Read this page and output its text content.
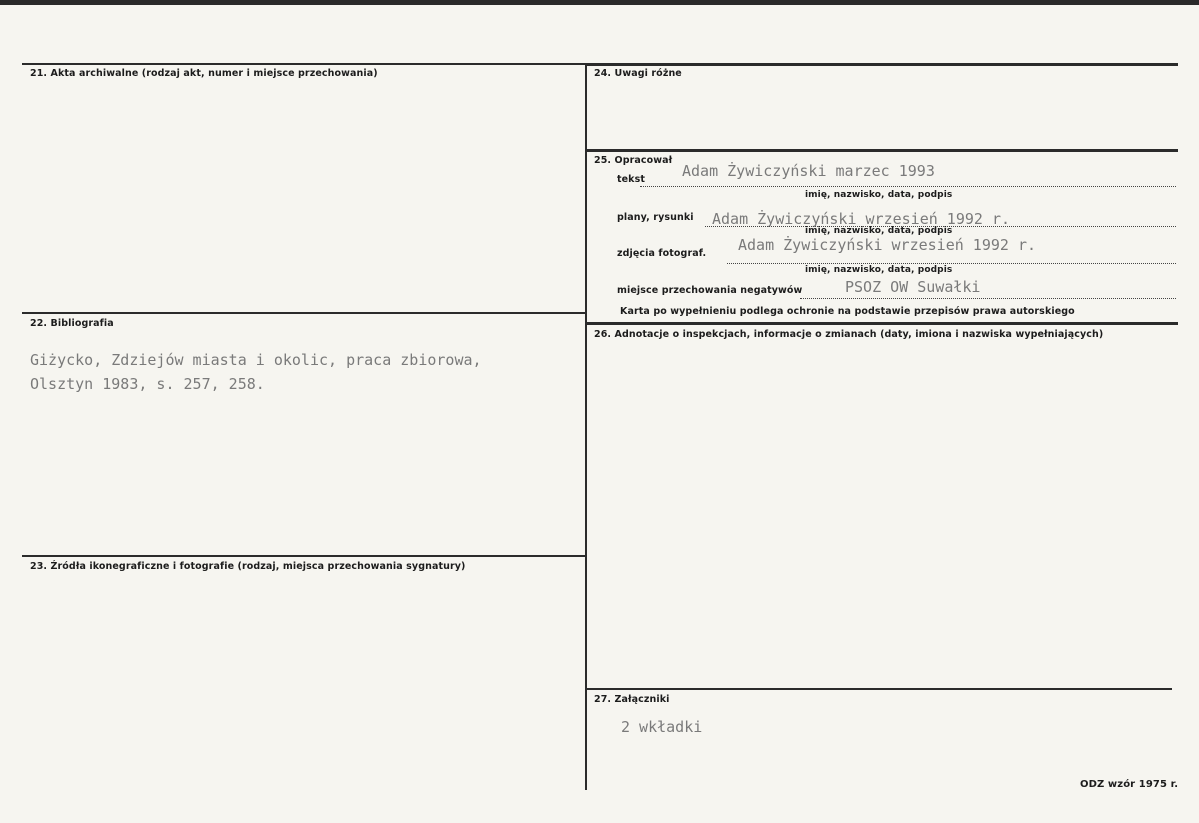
21. Akta archiwalne (rodzaj akt, numer i miejsce przechowania)
22. Bibliografia
Giżycko, Zdziejów miasta i okolic, praca zbiorowa,
Olsztyn 1983, s. 257, 258.
23. Źródła ikonegraficzne i fotografie (rodzaj, miejsca przechowania sygnatury)
24. Uwagi różne
25. Opracował
tekst Adam Żywiczyński marzec 1993
imię, nazwisko, data, podpis
plany, rysunki Adam Żywiczyński wrzesień 1992 r.
imię, nazwisko, data, podpis
Adam Żywiczyński wrzesień 1992 r.
zdjęcia fotograf.
imię, nazwisko, data, podpis
miejsce przechowania negatywów	PSOZ OW Suwałki
Karta po wypełnieniu podlega ochronie na podstawie przepisów prawa autorskiego
26. Adnotacje o inspekcjach, informacje o zmianach (daty, imiona i nazwiska wypełniających)
27. Załączniki
2 wkładki
ODZ wzór 1975 r.
